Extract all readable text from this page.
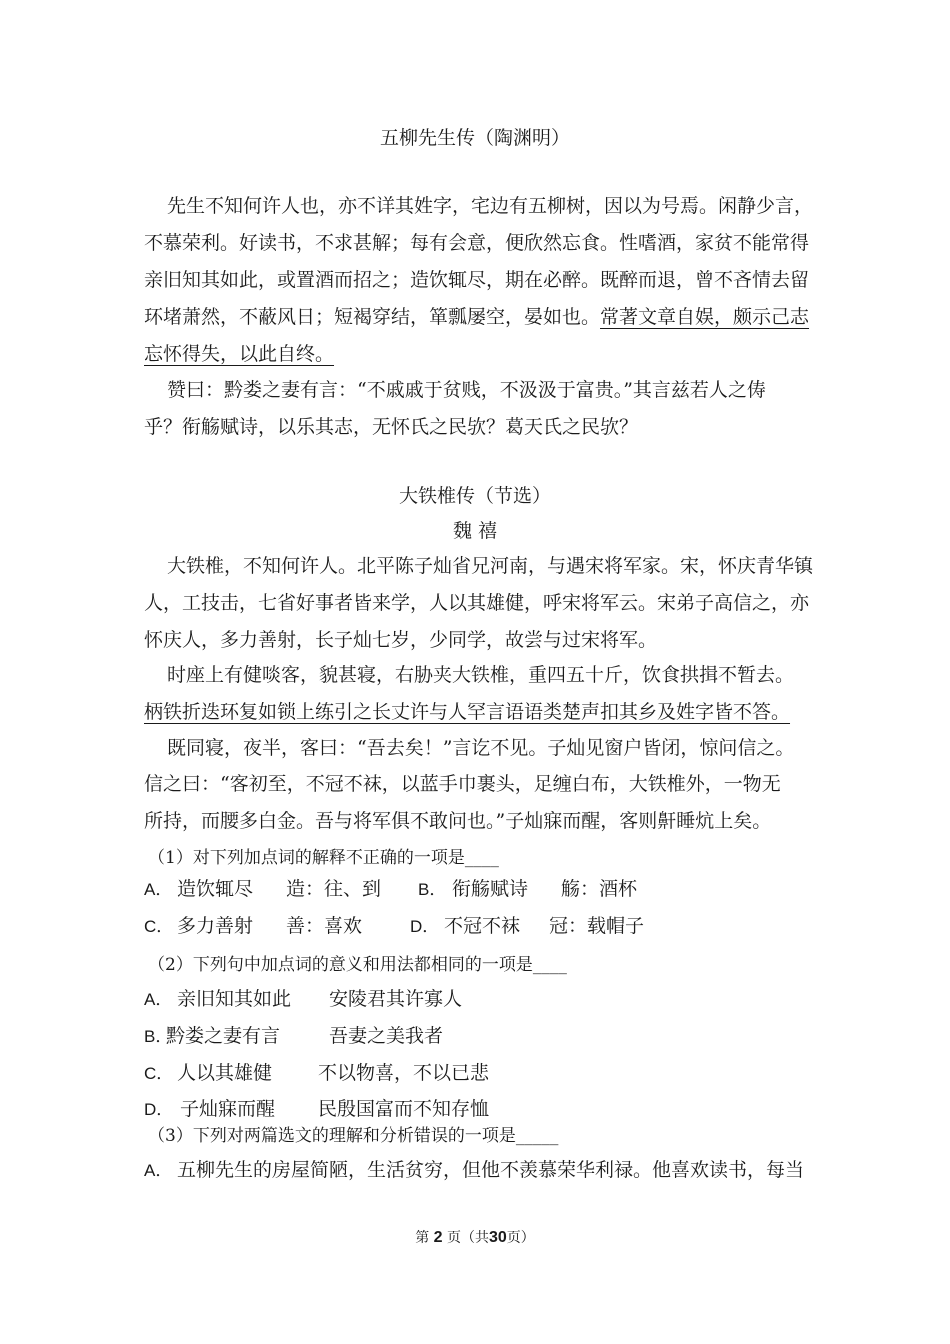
五柳先生传（陶渊明）
先生不知何许人也，亦不详其姓字，宅边有五柳树，因以为号焉。闲静少言，
不慕荣利。好读书，不求甚解；每有会意，便欣然忘食。性嗜酒，家贫不能常得
亲旧知其如此，或置酒而招之；造饮辄尽，期在必醉。既醉而退，曾不吝情去留
环堵萧然，不蔽风日；短褐穿结，箪瓢屡空，晏如也。常著文章自娱，颇示己志
忘怀得失，以此自终。
赞曰：黔娄之妻有言：“不戚戚于贫贱，不汲汲于富贵。”其言兹若人之俦
乎？衔觞赋诗，以乐其志，无怀氏之民欤？葛天氏之民欤？
大铁椎传（节选）
魏 禧
大铁椎，不知何许人。北平陈子灿省兄河南，与遇宋将军家。宋，怀庆青华镇
人，工技击，七省好事者皆来学，人以其雄健，呼宋将军云。宋弟子高信之，亦
怀庆人，多力善射，长子灿七岁，少同学，故尝与过宋将军。
时座上有健啖客，貌甚寝，右胁夹大铁椎，重四五十斤，饮食拱揖不暂去。
柄铁折迭环复如锁上练引之长丈许与人罕言语语类楚声扣其乡及姓字皆不答。
既同寝，夜半，客曰：“吾去矣！”言讫不见。子灿见窗户皆闭，惊问信之。
信之曰：“客初至，不冠不袜，以蓝手巾裹头，足缠白布，大铁椎外，一物无
所持，而腰多白金。吾与将军俱不敢问也。”子灿寐而醒，客则鼾睡炕上矣。
（1）对下列加点词的解释不正确的一项是____
A． 造饮辄尽 造：往、到 B． 衔觞赋诗 觞：酒杯
C． 多力善射 善：喜欢	D． 不冠不袜 冠：载帽子
（2）下列句中加点词的意义和用法都相同的一项是____
A． 亲旧知其如此 安陵君其许寡人
B．
黔娄之妻有言	吾妻之美我者
C． 人以其雄健 不以物喜，不以已悲
D． 子灿寐而醒 民殷国富而不知存恤
（3）下列对两篇选文的理解和分析错误的一项是_____
A． 五柳先生的房屋简陋，生活贫穷，但他不羡慕荣华利禄。他喜欢读书，每当
第 2 页（共30页）
